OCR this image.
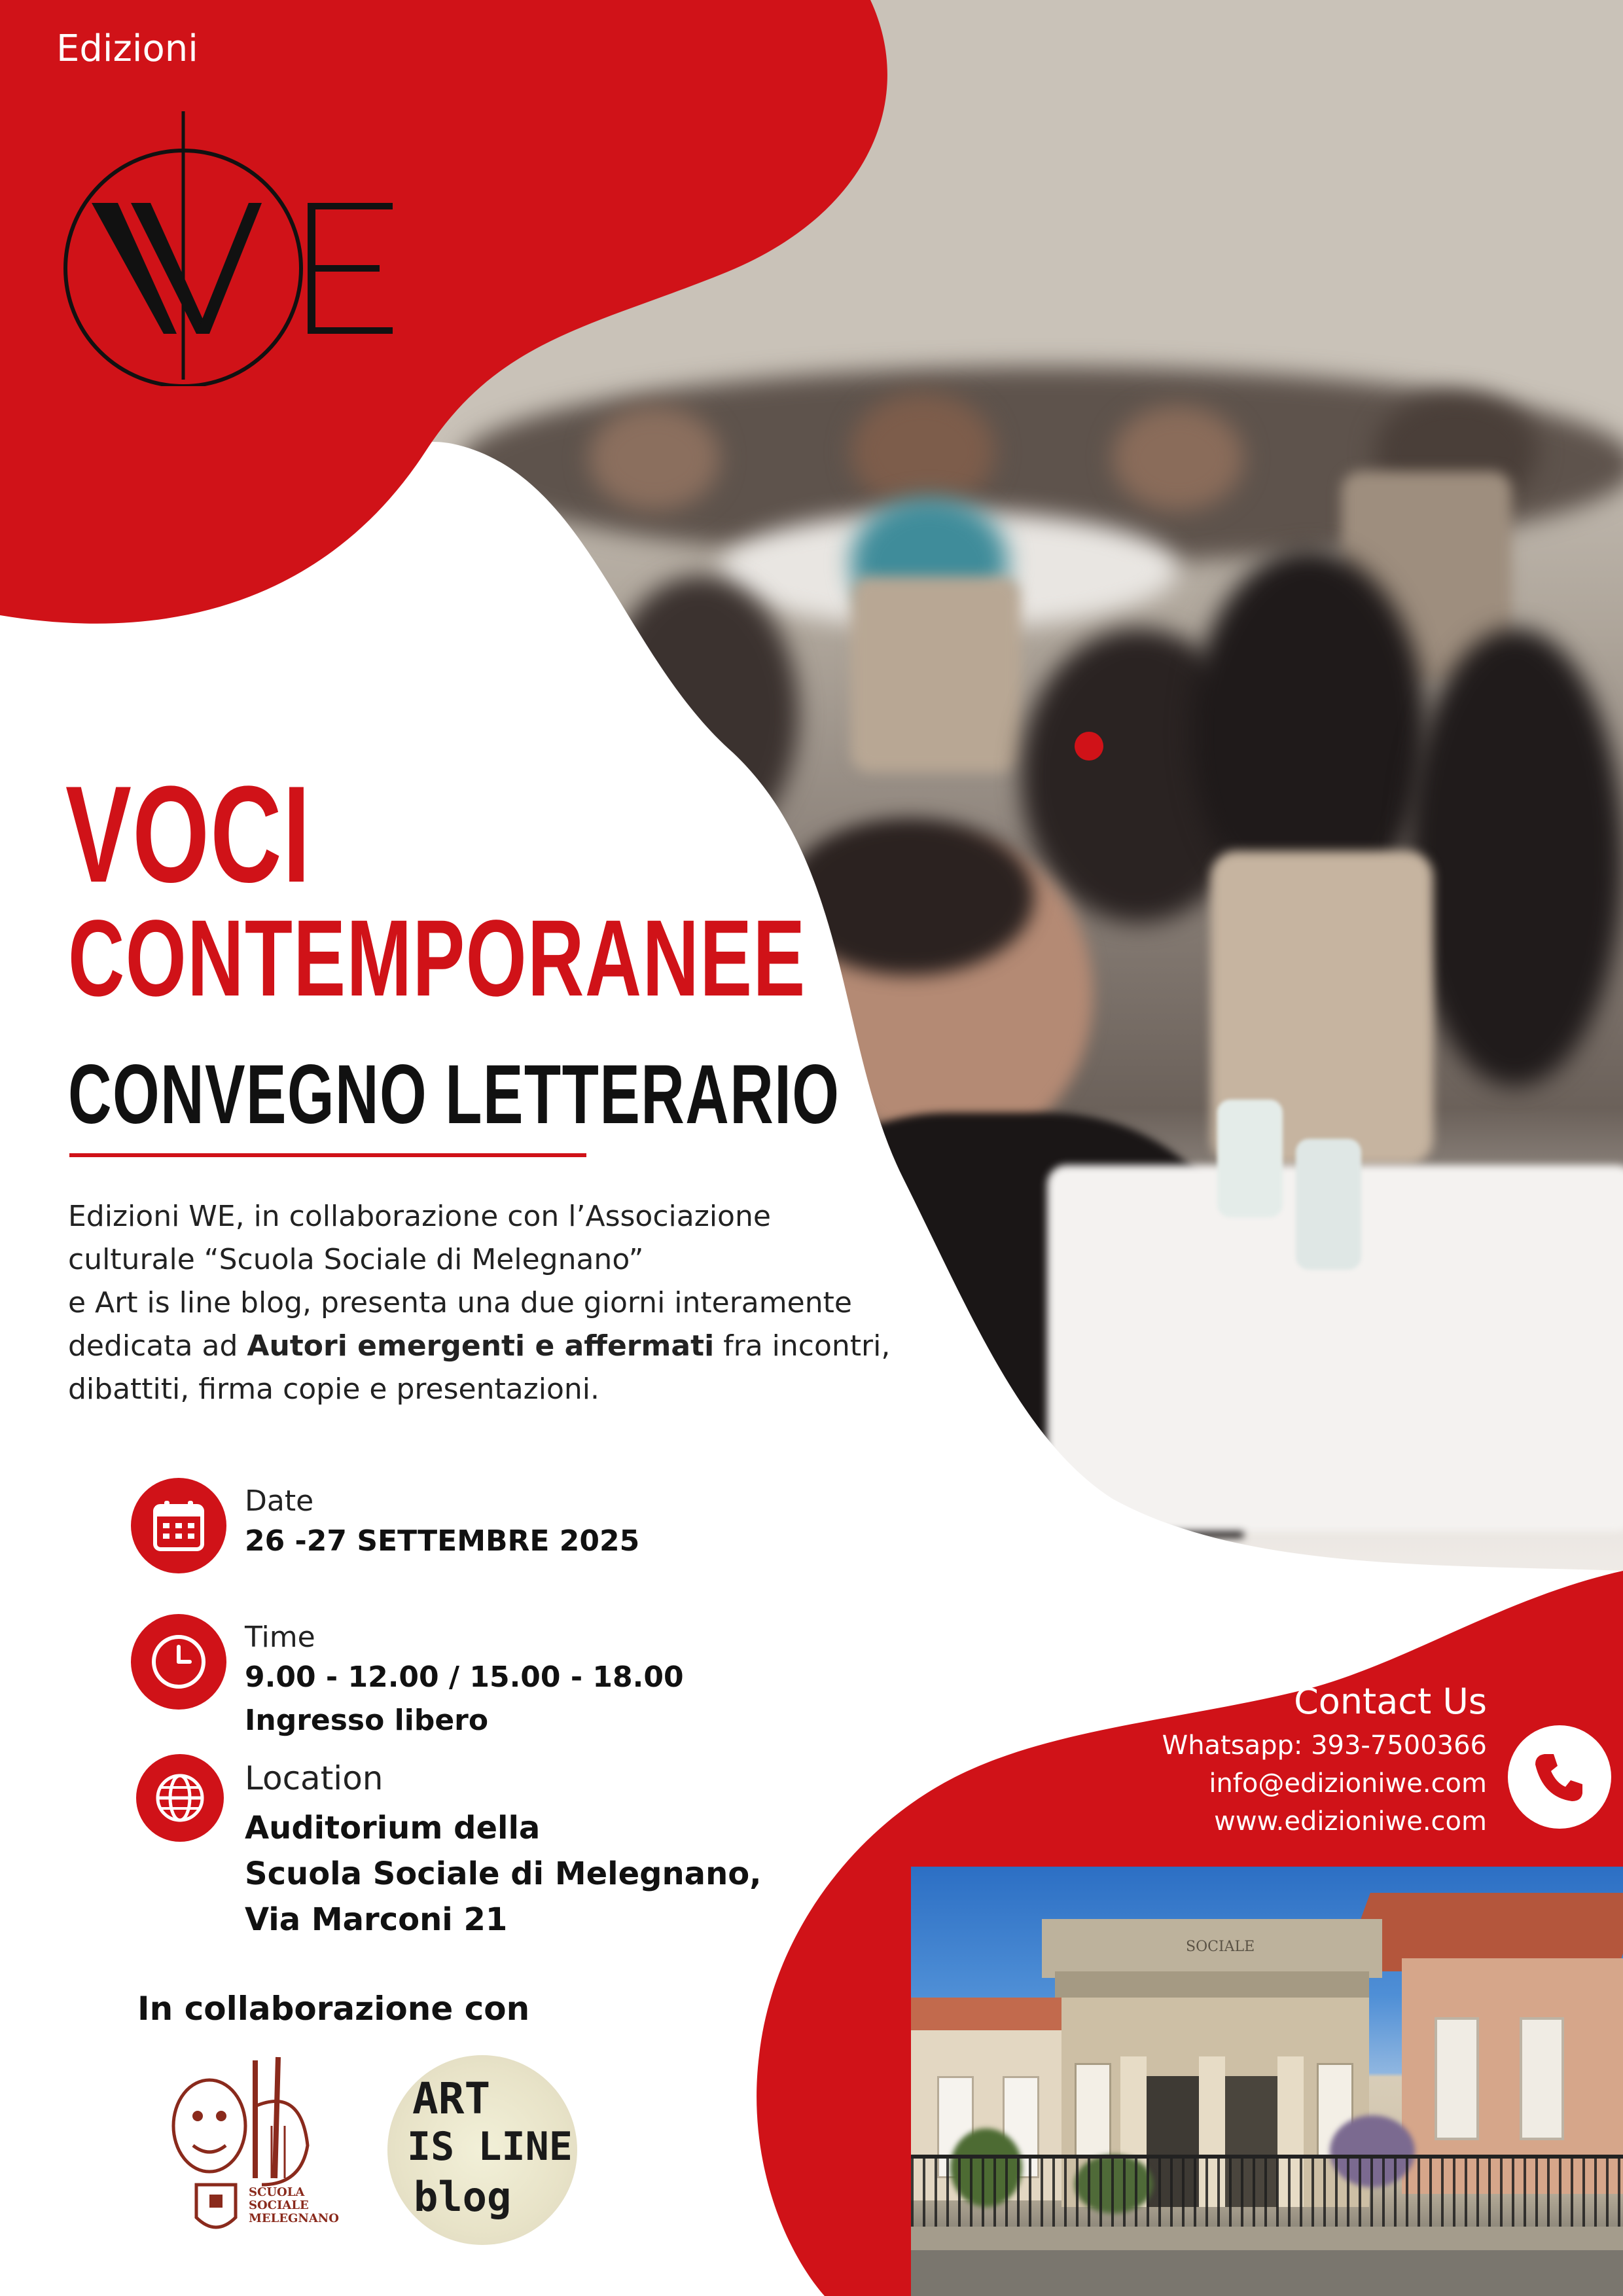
Edizioni
VOCI
CONTEMPORANEE
CONVEGNO LETTERARIO
Edizioni WE, in collaborazione con l’Associazione
culturale “Scuola Sociale di Melegnano”
e Art is line blog, presenta una due giorni interamente
dedicata ad Autori emergenti e affermati fra incontri,
dibattiti, firma copie e presentazioni.
Date
26 -27 SETTEMBRE 2025
Time
9.00 - 12.00 / 15.00 - 18.00
Ingresso libero
Location
Auditorium della
Scuola Sociale di Melegnano,
Via Marconi 21
In collaborazione con
SCUOLA SOCIALE MELEGNANO
ART
IS LINE
blog
Contact Us
Whatsapp: 393-7500366
info@edizioniwe.com
www.edizioniwe.com
SOCIALE
